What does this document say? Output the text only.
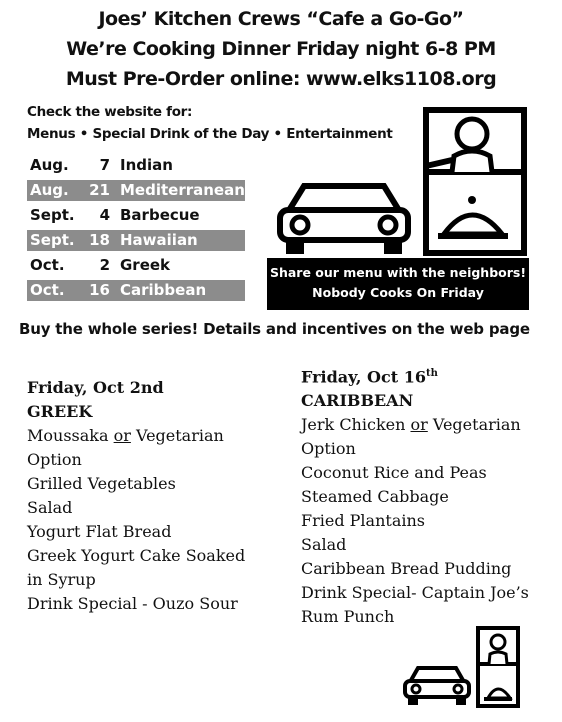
Joes’ Kitchen Crews “Cafe a Go-Go”
We’re Cooking Dinner Friday night 6-8 PM
Must Pre-Order online: www.elks1108.org
Check the website for:
Menus • Special Drink of the Day • Entertainment
Aug.	7 Indian
Aug. 21 Mediterranean
Sept.	4 Barbecue
Sept. 18 Hawaiian
Oct.	2 Greek
Oct. 16 Caribbean
Share our menu with the neighbors!
Nobody Cooks On Friday
Buy the whole series! Details and incentives on the web page
Friday, Oct 2nd
GREEK
Moussaka or Vegetarian
Option
Grilled Vegetables
Salad
Yogurt Flat Bread
Greek Yogurt Cake Soaked
in Syrup
Drink Special - Ouzo Sour
Friday, Oct 16th
CARIBBEAN
Jerk Chicken or Vegetarian
Option
Coconut Rice and Peas
Steamed Cabbage
Fried Plantains
Salad
Caribbean Bread Pudding
Drink Special- Captain Joe’s
Rum Punch
